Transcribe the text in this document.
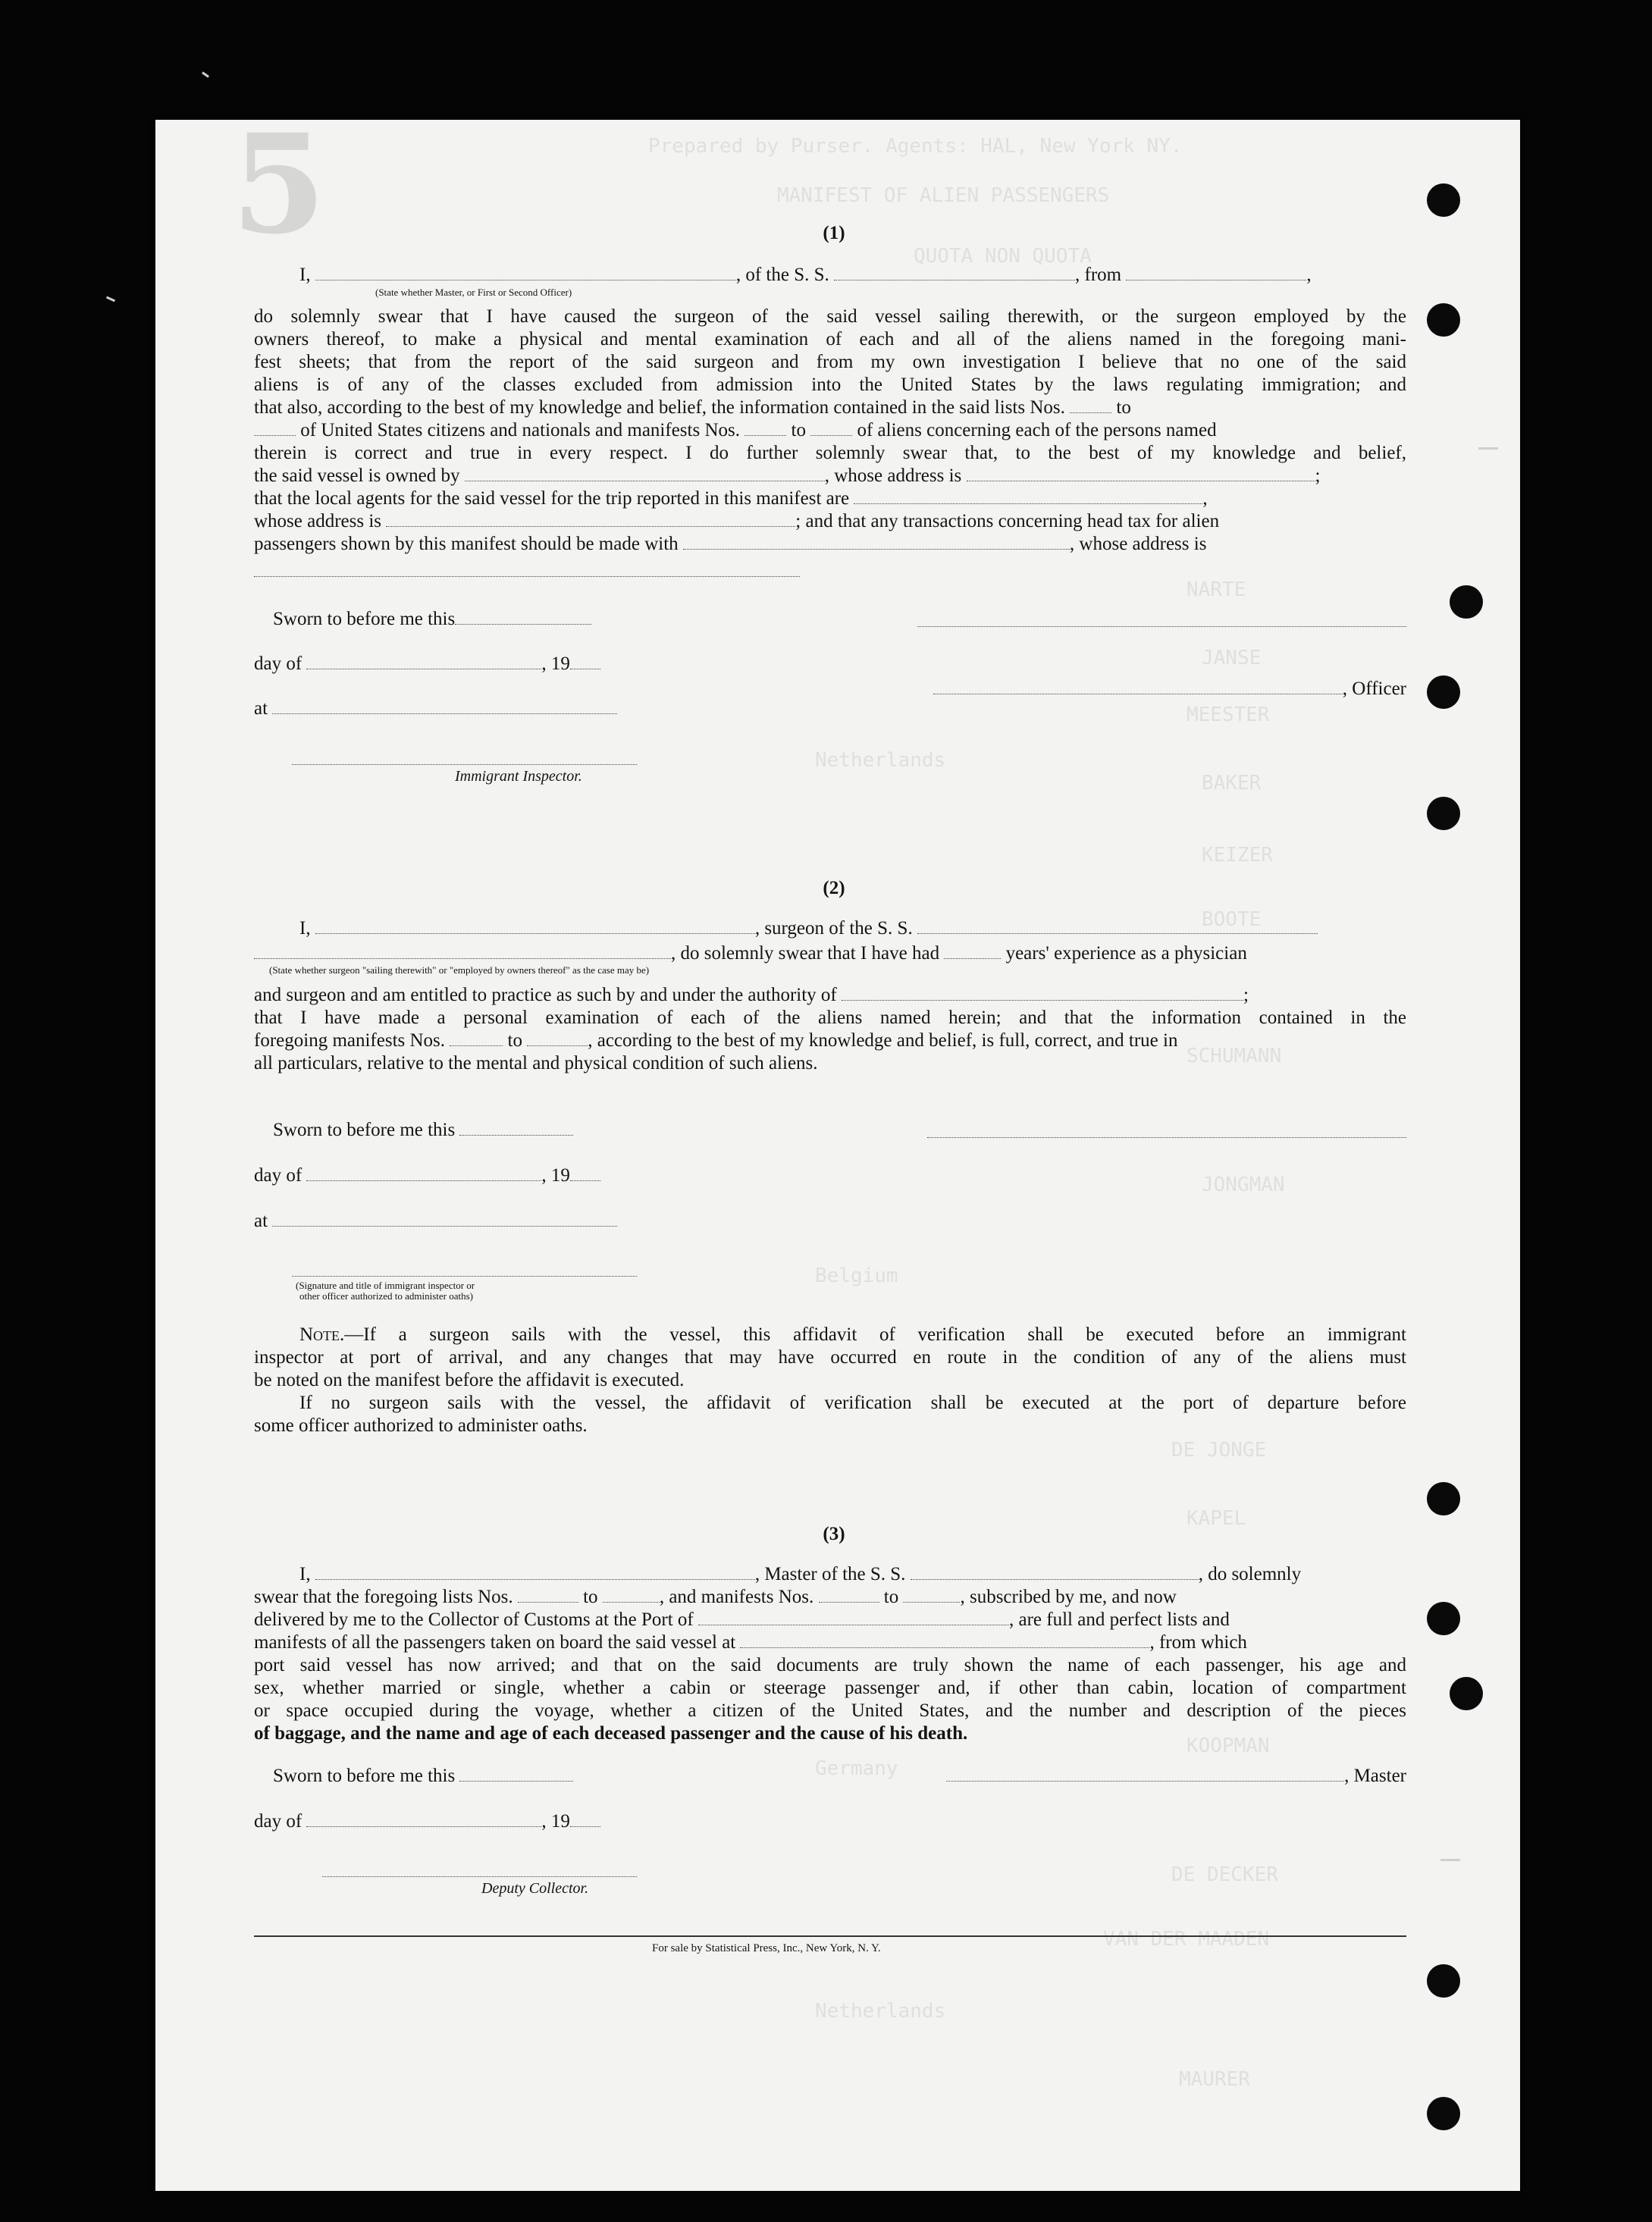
5	Prepared by Purser. Agents: HAL, New York NY.
MANIFEST OF ALIEN PASSENGERS
QUOTA NON QUOTA
NARTE
JANSE
MEESTER
BAKER
KEIZER
BOOTE
SCHUMANN
JONGMAN
DE JONGE
KAPEL
KOOPMAN
DE DECKER
VAN DER MAADEN
MAURER
Netherlands
Belgium
Germany
Netherlands
(1)
I,	, of the S. S.	, from	,
(State whether Master, or First or Second Officer)
do solemnly swear that I have caused the surgeon of the said vessel sailing therewith, or the surgeon employed by the
owners thereof, to make a physical and mental examination of each and all of the aliens named in the foregoing mani-
fest sheets; that from the report of the said surgeon and from my own investigation I believe that no one of the said
aliens is of any of the classes excluded from admission into the United States by the laws regulating immigration; and
that also, according to the best of my knowledge and belief, the information contained in the said lists Nos.	to
of United States citizens and nationals and manifests Nos.	to	of aliens concerning each of the persons named
therein is correct and true in every respect. I do further solemnly swear that, to the best of my knowledge and belief,
the said vessel is owned by	, whose address is	;
that the local agents for the said vessel for the trip reported in this manifest are	,
whose address is	; and that any transactions concerning head tax for alien
passengers shown by this manifest should be made with	, whose address is
Sworn to before me this
day of	, 19
, Officer
at
Immigrant Inspector.
(2)
I,	, surgeon of the S. S.
, do solemnly swear that I have had	years' experience as a physician
(State whether surgeon "sailing therewith" or "employed by owners thereof" as the case may be)
and surgeon and am entitled to practice as such by and under the authority of	;
that I have made a personal examination of each of the aliens named herein; and that the information contained in the
foregoing manifests Nos.	to	, according to the best of my knowledge and belief, is full, correct, and true in
all particulars, relative to the mental and physical condition of such aliens.
Sworn to before me this
day of	, 19
at
(Signature and title of immigrant inspector or
other officer authorized to administer oaths)
Note.—If a surgeon sails with the vessel, this affidavit of verification shall be executed before an immigrant
inspector at port of arrival, and any changes that may have occurred en route in the condition of any of the aliens must
be noted on the manifest before the affidavit is executed.
If no surgeon sails with the vessel, the affidavit of verification shall be executed at the port of departure before
some officer authorized to administer oaths.
(3)
I,	, Master of the S. S.	, do solemnly
swear that the foregoing lists Nos.	to	, and manifests Nos.	to	, subscribed by me, and now
delivered by me to the Collector of Customs at the Port of	, are full and perfect lists and
manifests of all the passengers taken on board the said vessel at	, from which
port said vessel has now arrived; and that on the said documents are truly shown the name of each passenger, his age and
sex, whether married or single, whether a cabin or steerage passenger and, if other than cabin, location of compartment
or space occupied during the voyage, whether a citizen of the United States, and the number and description of the pieces
of baggage, and the name and age of each deceased passenger and the cause of his death.
Sworn to before me this	, Master
day of	, 19
Deputy Collector.
For sale by Statistical Press, Inc., New York, N. Y.
